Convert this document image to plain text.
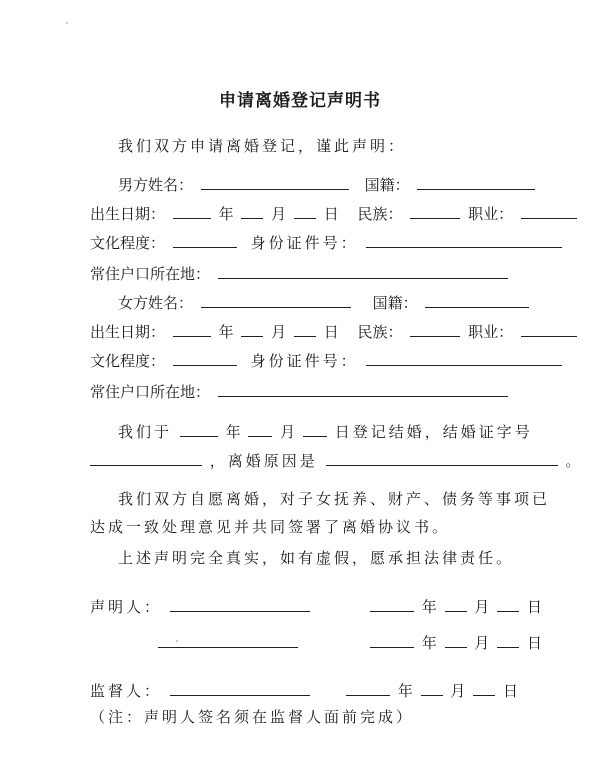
申请离婚登记声明书
我们双方申请离婚登记，谨此声明：
男方姓名：	国籍：
出生日期：	年	月	日 民族：	职业：
文化程度：	身份证件号：
常住户口所在地：
女方姓名：	国籍：
出生日期：	年	月	日 民族：	职业：
文化程度：	身份证件号：
常住户口所在地：
我们于	年	月	日登记结婚，结婚证字号
，离婚原因是	。
我们双方自愿离婚，对子女抚养、财产、债务等事项已
达成一致处理意见并共同签署了离婚协议书。
上述声明完全真实，如有虚假，愿承担法律责任。
声明人：	年	月	日
年	月	日
监督人：	年	月	日
（注：声明人签名须在监督人面前完成）
